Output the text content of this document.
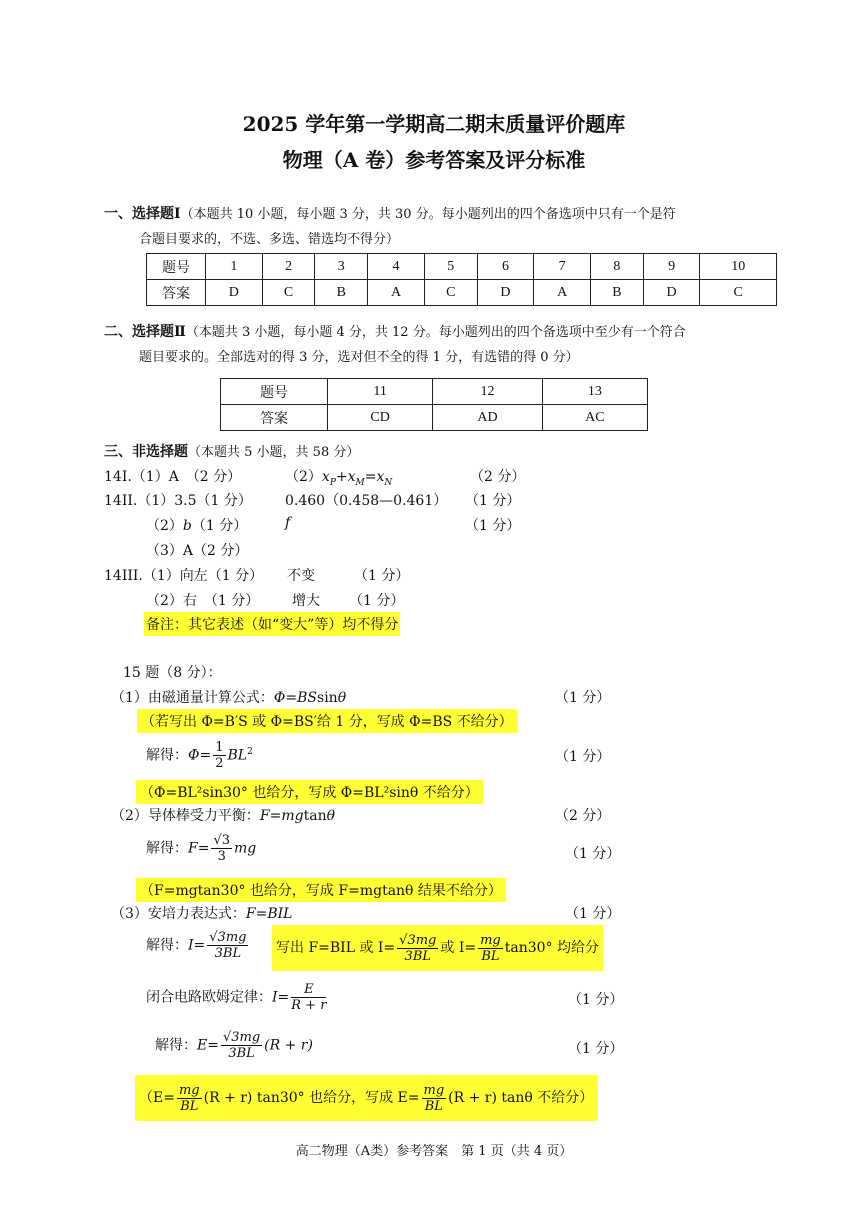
2025 学年第一学期高二期末质量评价题库
物理（A 卷）参考答案及评分标准
一、选择题Ⅰ（本题共 10 小题，每小题 3 分，共 30 分。每小题列出的四个备选项中只有一个是符
合题目要求的，不选、多选、错选均不得分）
题号	1	2	3	4	5	6	7	8	9	10
答案	D	C	B	A	C	D	A	B	D	C
二、选择题Ⅱ（本题共 3 小题，每小题 4 分，共 12 分。每小题列出的四个备选项中至少有一个符合
题目要求的。全部选对的得 3 分，选对但不全的得 1 分，有选错的得 0 分）
题号	11	12	13
答案	CD	AD	AC
三、非选择题（本题共 5 小题，共 58 分）
14I.（1）A　（2 分）	$(2)x_P+x_M=x_N$	（2 分）
14II.（1）3.5（1 分） 0.460（0.458—0.461） （1 分）
（2）b（1 分）	f	（1 分）
（3）A（2 分）
14III.（1）向左（1 分） 不变	（1 分）
（2）右　（1 分） 增大 （1 分）
备注：其它表述（如“变大”等）均不得分
15 题（8 分）：
（1）由磁通量计算公式：Φ=BSsinθ	（1 分）
（若写出 Φ=B′S 或 Φ=BS′给 1 分，写成 Φ=BS 不给分）
解得：$\Phi= \frac{1}{2} BL^2$	（1 分）
（Φ=BL²sin30° 也给分，写成 Φ=BL²sinθ 不给分）
（2）导体棒受力平衡：F=mgtanθ	（2 分）
解得：$F= \frac{√3}{3}$ mg	（1 分）
（F=mgtan30° 也给分，写成 F=mgtanθ 结果不给分）
（3）安培力表达式：F=BIL	（1 分）
解得：$I= \frac{√3mg}{3BL}$ 写出 F=BIL 或 $I= \frac{√3mg}{3BL}$ 或 $I= \frac{mg}{BL} \tan 30^\circ$ 均给分
闭合电路欧姆定律：$I= \frac{E}{R + r}$	（1 分）
解得：$E= \frac{√3mg}{3BL} (R + r)$	（1 分）
（$E= \frac{mg}{BL} (R + r)$ tan30° 也给分，写成 $E= \frac{mg}{BL} (R + r)$ tanθ 不给分）
高二物理（A类）参考答案　第 1 页（共 4 页）
